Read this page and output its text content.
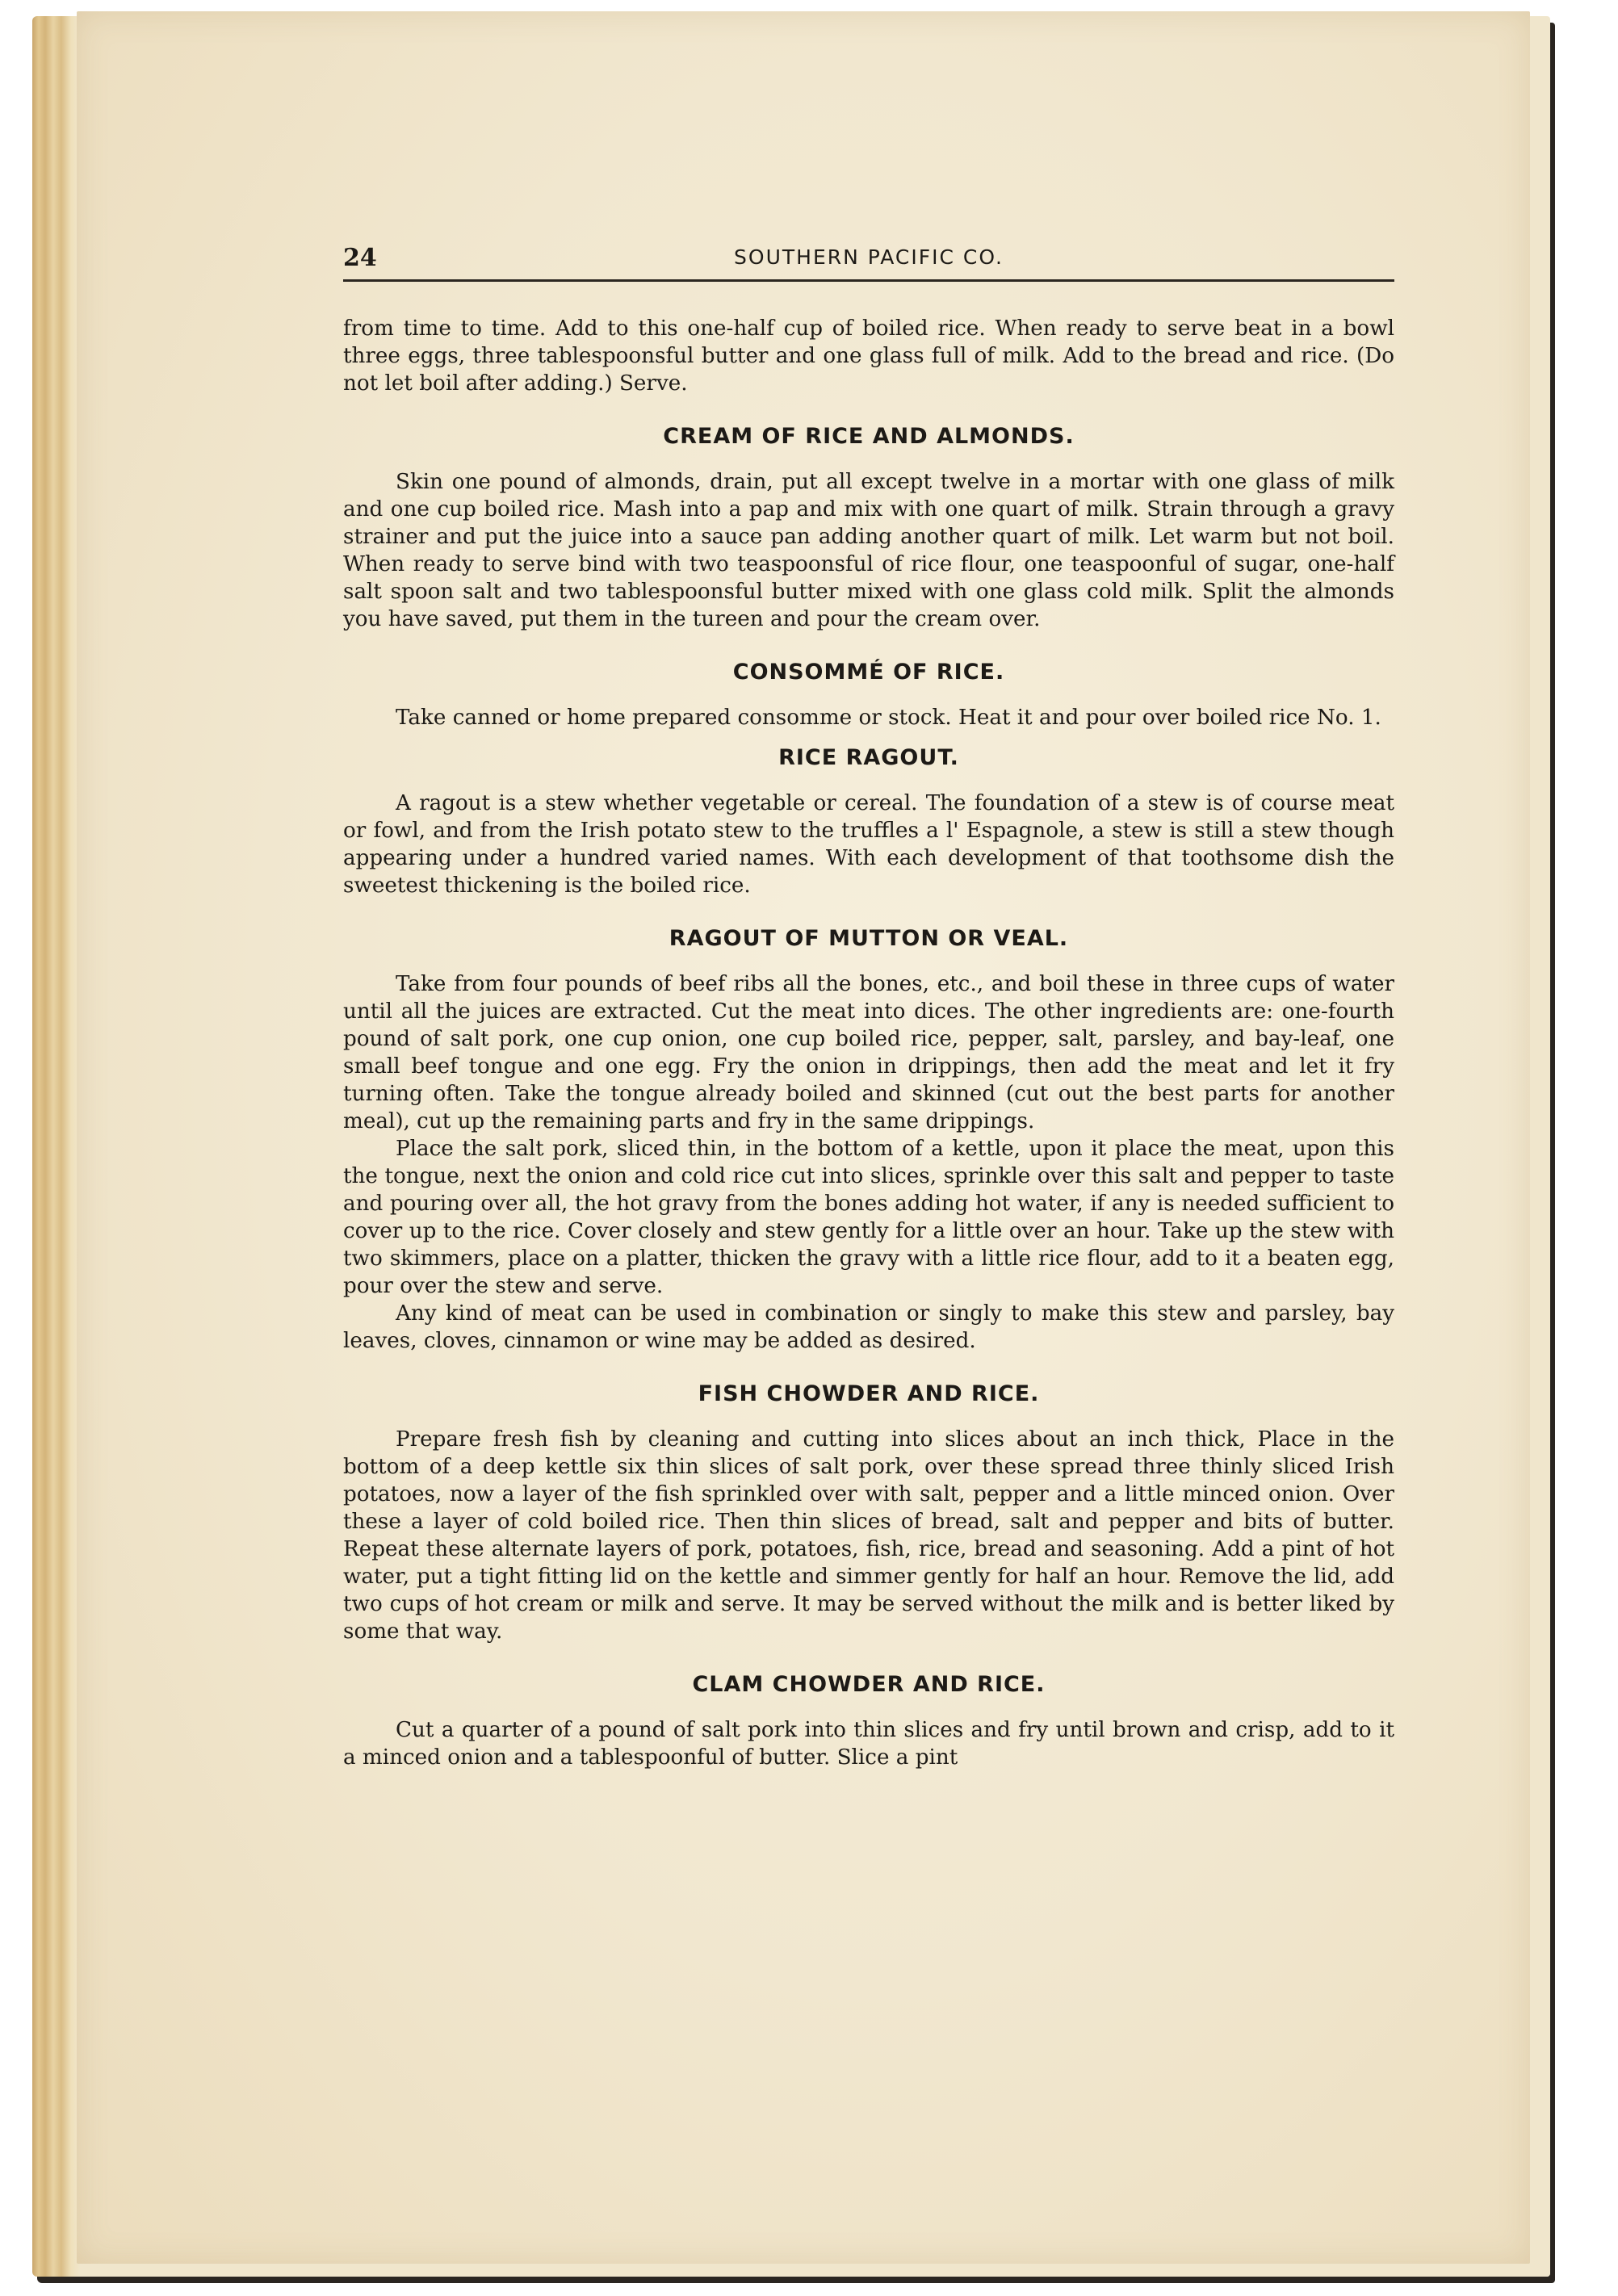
24	SOUTHERN PACIFIC CO.

from time to time. Add to this one-half cup of boiled rice. When ready to serve beat in a bowl three eggs, three tablespoonsful butter and one glass full of milk. Add to the bread and rice. (Do not let boil after adding.) Serve.

CREAM OF RICE AND ALMONDS.

Skin one pound of almonds, drain, put all except twelve in a mortar with one glass of milk and one cup boiled rice. Mash into a pap and mix with one quart of milk. Strain through a gravy strainer and put the juice into a sauce pan adding another quart of milk. Let warm but not boil. When ready to serve bind with two teaspoonsful of rice flour, one teaspoonful of sugar, one-half salt spoon salt and two tablespoonsful butter mixed with one glass cold milk. Split the almonds you have saved, put them in the tureen and pour the cream over.

CONSOMMÉ OF RICE.

Take canned or home prepared consomme or stock. Heat it and pour over boiled rice No. 1.

RICE RAGOUT.

A ragout is a stew whether vegetable or cereal. The foundation of a stew is of course meat or fowl, and from the Irish potato stew to the truffles a l' Espagnole, a stew is still a stew though appearing under a hundred varied names. With each development of that toothsome dish the sweetest thickening is the boiled rice.

RAGOUT OF MUTTON OR VEAL.

Take from four pounds of beef ribs all the bones, etc., and boil these in three cups of water until all the juices are extracted. Cut the meat into dices. The other ingredients are: one-fourth pound of salt pork, one cup onion, one cup boiled rice, pepper, salt, parsley, and bay-leaf, one small beef tongue and one egg. Fry the onion in drippings, then add the meat and let it fry turning often. Take the tongue already boiled and skinned (cut out the best parts for another meal), cut up the remaining parts and fry in the same drippings.

Place the salt pork, sliced thin, in the bottom of a kettle, upon it place the meat, upon this the tongue, next the onion and cold rice cut into slices, sprinkle over this salt and pepper to taste and pouring over all, the hot gravy from the bones adding hot water, if any is needed sufficient to cover up to the rice. Cover closely and stew gently for a little over an hour. Take up the stew with two skimmers, place on a platter, thicken the gravy with a little rice flour, add to it a beaten egg, pour over the stew and serve.

Any kind of meat can be used in combination or singly to make this stew and parsley, bay leaves, cloves, cinnamon or wine may be added as desired.

FISH CHOWDER AND RICE.

Prepare fresh fish by cleaning and cutting into slices about an inch thick, Place in the bottom of a deep kettle six thin slices of salt pork, over these spread three thinly sliced Irish potatoes, now a layer of the fish sprinkled over with salt, pepper and a little minced onion. Over these a layer of cold boiled rice. Then thin slices of bread, salt and pepper and bits of butter. Repeat these alternate layers of pork, potatoes, fish, rice, bread and seasoning. Add a pint of hot water, put a tight fitting lid on the kettle and simmer gently for half an hour. Remove the lid, add two cups of hot cream or milk and serve. It may be served without the milk and is better liked by some that way.

CLAM CHOWDER AND RICE.

Cut a quarter of a pound of salt pork into thin slices and fry until brown and crisp, add to it a minced onion and a tablespoonful of butter. Slice a pint
